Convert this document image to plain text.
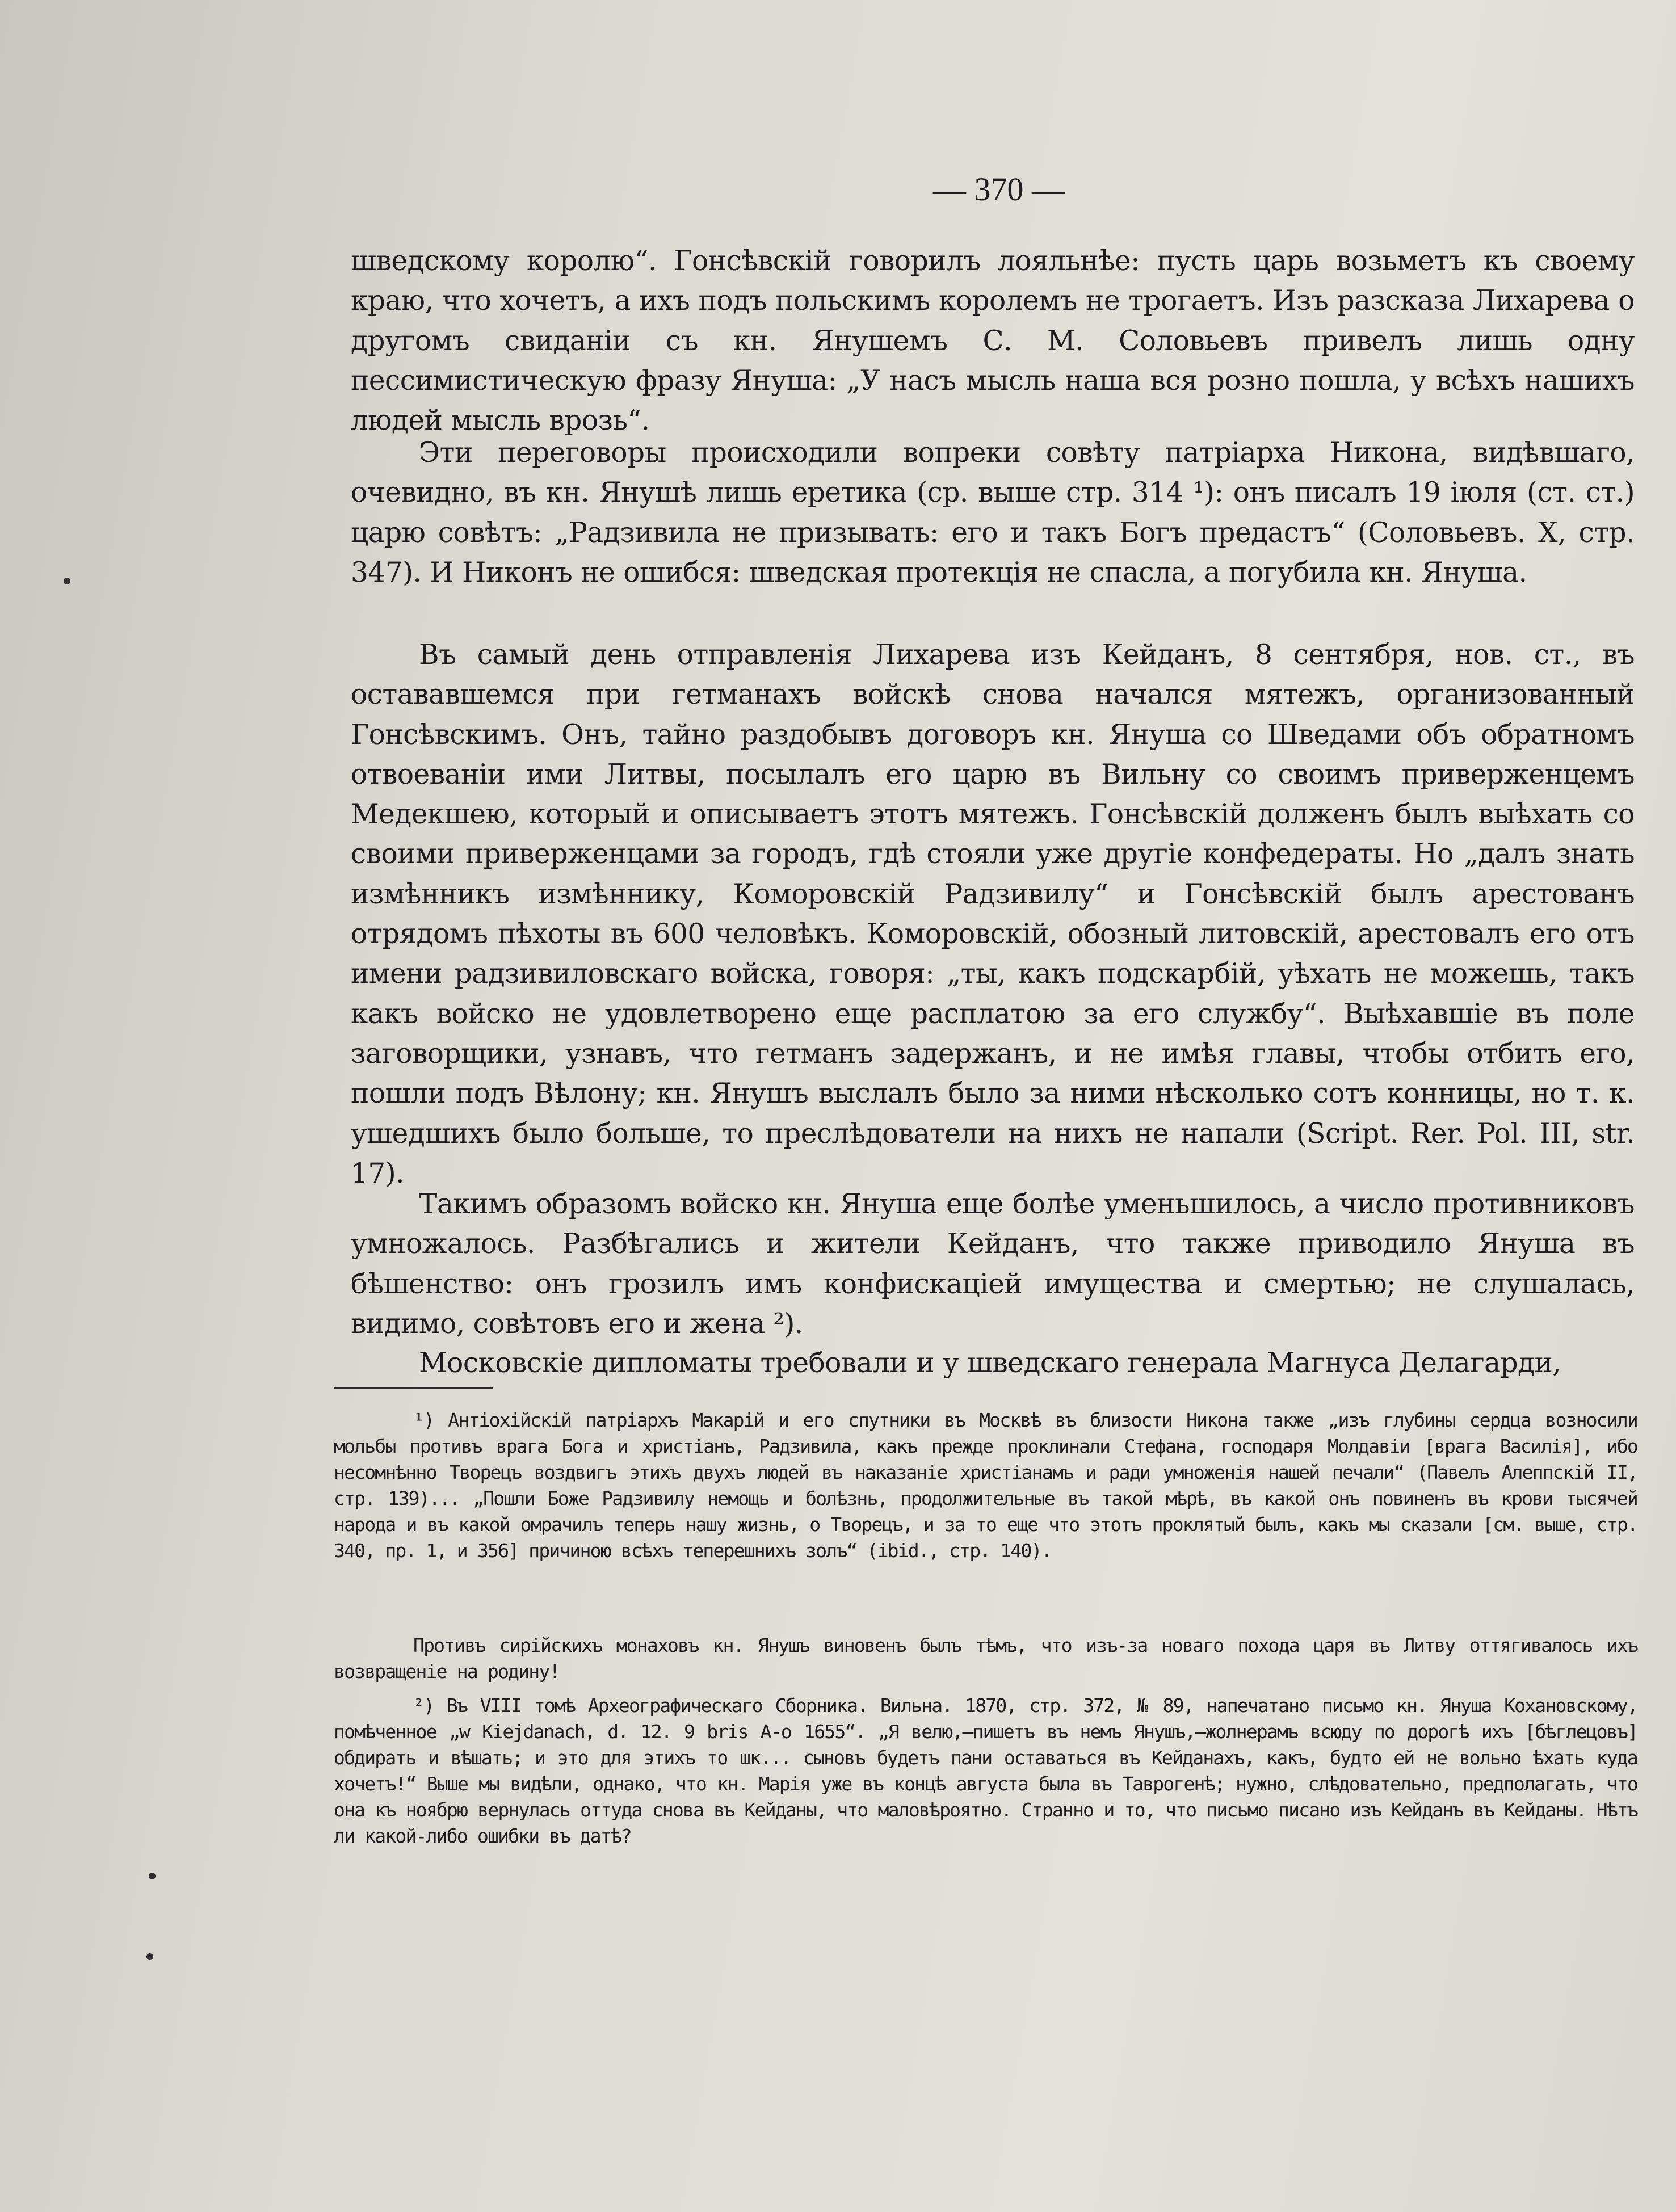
— 370 —

шведскому королю“. Гонсѣвскій говорилъ лояльнѣе: пусть царь возьметъ къ своему краю, что хочетъ, а ихъ подъ польскимъ королемъ не трогаетъ. Изъ разсказа Лихарева о другомъ свиданіи съ кн. Янушемъ С. М. Соловьевъ привелъ лишь одну пессимистическую фразу Януша: „У насъ мысль наша вся розно пошла, у всѣхъ нашихъ людей мысль врозь“.

Эти переговоры происходили вопреки совѣту патріарха Никона, видѣвшаго, очевидно, въ кн. Янушѣ лишь еретика (ср. выше стр. 314 ¹): онъ писалъ 19 іюля (ст. ст.) царю совѣтъ: „Радзивила не призывать: его и такъ Богъ предастъ“ (Соловьевъ. X, стр. 347). И Никонъ не ошибся: шведская протекція не спасла, а погубила кн. Януша.

Въ самый день отправленія Лихарева изъ Кейданъ, 8 сентября, нов. ст., въ остававшемся при гетманахъ войскѣ снова начался мятежъ, организованный Гонсѣвскимъ. Онъ, тайно раздобывъ договоръ кн. Януша со Шведами объ обратномъ отвоеваніи ими Литвы, посылалъ его царю въ Вильну со своимъ приверженцемъ Медекшею, который и описываетъ этотъ мятежъ. Гонсѣвскій долженъ былъ выѣхать со своими приверженцами за городъ, гдѣ стояли уже другіе конфедераты. Но „далъ знать измѣнникъ измѣннику, Коморовскій Радзивилу“ и Гонсѣвскій былъ арестованъ отрядомъ пѣхоты въ 600 человѣкъ. Коморовскій, обозный литовскій, арестовалъ его отъ имени радзивиловскаго войска, говоря: „ты, какъ подскарбій, уѣхать не можешь, такъ какъ войско не удовлетворено еще расплатою за его службу“. Выѣхавшіе въ поле заговорщики, узнавъ, что гетманъ задержанъ, и не имѣя главы, чтобы отбить его, пошли подъ Вѣлону; кн. Янушъ выслалъ было за ними нѣсколько сотъ конницы, но т. к. ушедшихъ было больше, то преслѣдователи на нихъ не напали (Script. Rer. Pol. III, str. 17).

Такимъ образомъ войско кн. Януша еще болѣе уменьшилось, а число противниковъ умножалось. Разбѣгались и жители Кейданъ, что также приводило Януша въ бѣшенство: онъ грозилъ имъ конфискаціей имущества и смертью; не слушалась, видимо, совѣтовъ его и жена ²).

Московскіе дипломаты требовали и у шведскаго генерала Магнуса Делагарди,

¹) Антіохійскій патріархъ Макарій и его спутники въ Москвѣ въ близости Никона также „изъ глубины сердца возносили мольбы противъ врага Бога и христіанъ, Радзивила, какъ прежде проклинали Стефана, господаря Молдавіи [врага Василія], ибо несомнѣнно Творецъ воздвигъ этихъ двухъ людей въ наказаніе христіанамъ и ради умноженія нашей печали“ (Павелъ Алеппскій II, стр. 139)... „Пошли Боже Радзивилу немощь и болѣзнь, продолжительные въ такой мѣрѣ, въ какой онъ повиненъ въ крови тысячей народа и въ какой омрачилъ теперь нашу жизнь, о Творецъ, и за то еще что этотъ проклятый былъ, какъ мы сказали [см. выше, стр. 340, пр. 1, и 356] причиною всѣхъ теперешнихъ золъ“ (ibid., стр. 140).

Противъ сирійскихъ монаховъ кн. Янушъ виновенъ былъ тѣмъ, что изъ-за новаго похода царя въ Литву оттягивалось ихъ возвращеніе на родину!

²) Въ VIII томѣ Археографическаго Сборника. Вильна. 1870, стр. 372, № 89, напечатано письмо кн. Януша Кохановскому, помѣченное „w Kiejdanach, d. 12. 9 bris A-o 1655“. „Я велю,—пишетъ въ немъ Янушъ,—жолнерамъ всюду по дорогѣ ихъ [бѣглецовъ] обдирать и вѣшать; и это для этихъ то шк... сыновъ будетъ пани оставаться въ Кейданахъ, какъ, будто ей не вольно ѣхать куда хочетъ!“ Выше мы видѣли, однако, что кн. Марія уже въ концѣ августа была въ Таврогенѣ; нужно, слѣдовательно, предполагать, что она къ ноябрю вернулась оттуда снова въ Кейданы, что маловѣроятно. Странно и то, что письмо писано изъ Кейданъ въ Кейданы. Нѣтъ ли какой-либо ошибки въ датѣ?
